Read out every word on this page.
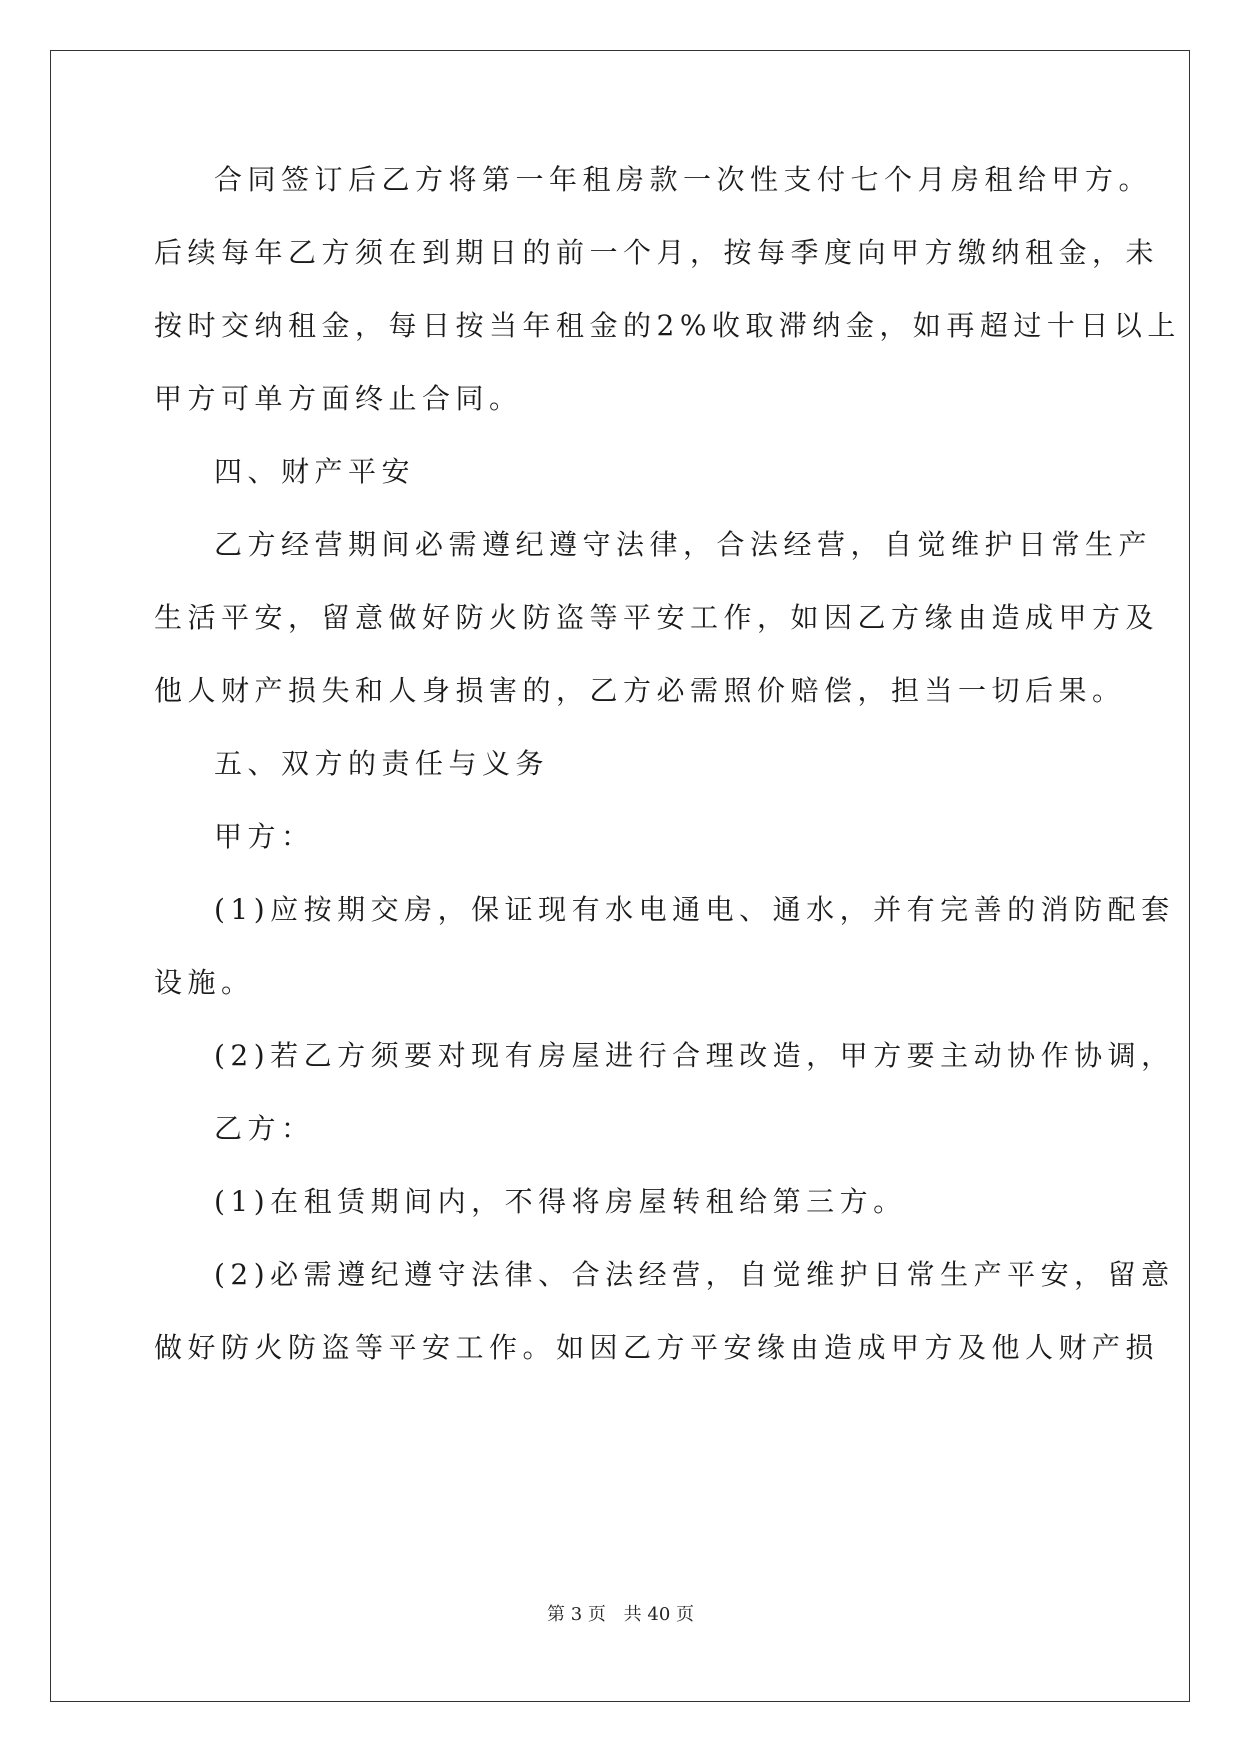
合同签订后乙方将第一年租房款一次性支付七个月房租给甲方。
后续每年乙方须在到期日的前一个月，按每季度向甲方缴纳租金，未
按时交纳租金，每日按当年租金的2%收取滞纳金，如再超过十日以上
甲方可单方面终止合同。
四、财产平安
乙方经营期间必需遵纪遵守法律，合法经营，自觉维护日常生产
生活平安，留意做好防火防盗等平安工作，如因乙方缘由造成甲方及
他人财产损失和人身损害的，乙方必需照价赔偿，担当一切后果。
五、双方的责任与义务
甲方：
(1)应按期交房，保证现有水电通电、通水，并有完善的消防配套
设施。
(2)若乙方须要对现有房屋进行合理改造，甲方要主动协作协调，
乙方：
(1)在租赁期间内，不得将房屋转租给第三方。
(2)必需遵纪遵守法律、合法经营，自觉维护日常生产平安，留意
做好防火防盗等平安工作。如因乙方平安缘由造成甲方及他人财产损
第 3 页 共 40 页
